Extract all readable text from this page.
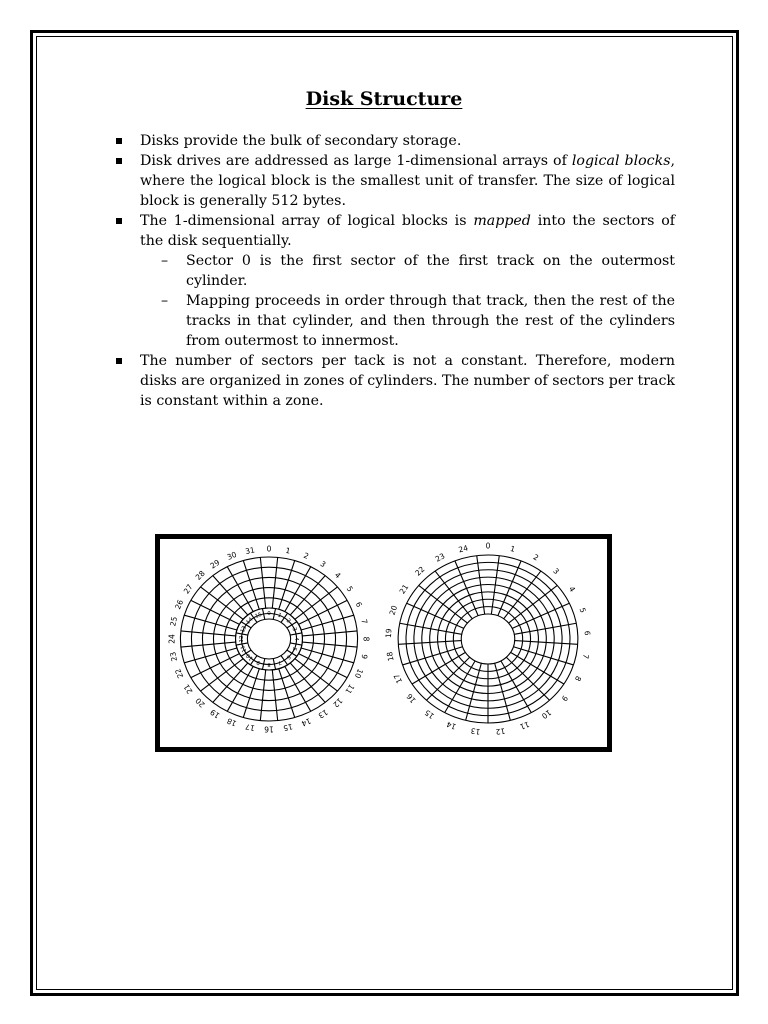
Disk Structure
Disks provide the bulk of secondary storage.
Disk drives are addressed as large 1-dimensional arrays of logical blocks, where the logical block is the smallest unit of transfer. The size of logical block is generally 512 bytes.
The 1-dimensional array of logical blocks is mapped into the sectors of the disk sequentially.
– Sector 0 is the first sector of the first track on the outermost cylinder.
– Mapping proceeds in order through that track, then the rest of the tracks in that cylinder, and then through the rest of the cylinders from outermost to innermost.
The number of sectors per tack is not a constant. Therefore, modern disks are organized in zones of cylinders. The number of sectors per track is constant within a zone.
0 1
2
3
4
5
6
7
8
9
10
11
12
13
14
15
16
17
18
19
20
21
22
23
24
25
26
27
28
29
30 31
0 1
2
3
4
5
6
7
8
9
10
11
12
13
14
15
0	1
2
3
4
5
6
7
8
9
10
11
12
13
14
15
16
17
18
19
20
21
22
23
24
